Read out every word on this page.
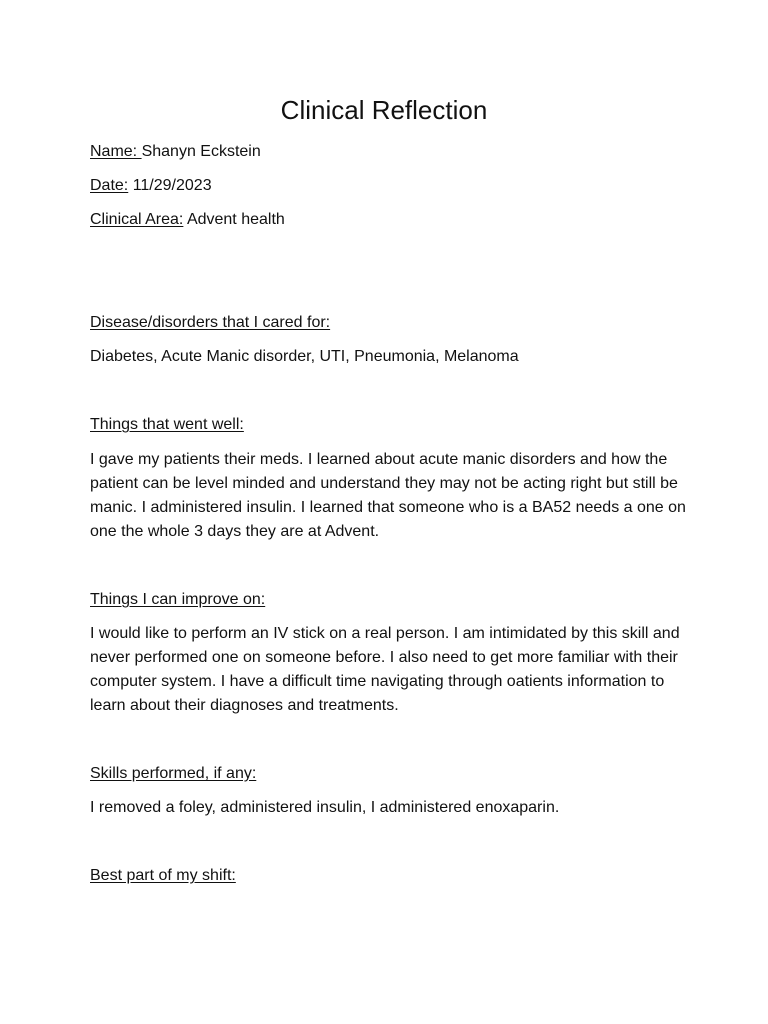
Clinical Reflection
Name: Shanyn Eckstein
Date: 11/29/2023
Clinical Area: Advent health
Disease/disorders that I cared for:
Diabetes, Acute Manic disorder, UTI, Pneumonia, Melanoma
Things that went well:
I gave my patients their meds. I learned about acute manic disorders and how the patient can be level minded and understand they may not be acting right but still be manic. I administered insulin. I learned that someone who is a BA52 needs a one on one the whole 3 days they are at Advent.
Things I can improve on:
I would like to perform an IV stick on a real person. I am intimidated by this skill and never performed one on someone before. I also need to get more familiar with their computer system. I have a difficult time navigating through oatients information to learn about their diagnoses and treatments.
Skills performed, if any:
I removed a foley, administered insulin, I administered enoxaparin.
Best part of my shift:
